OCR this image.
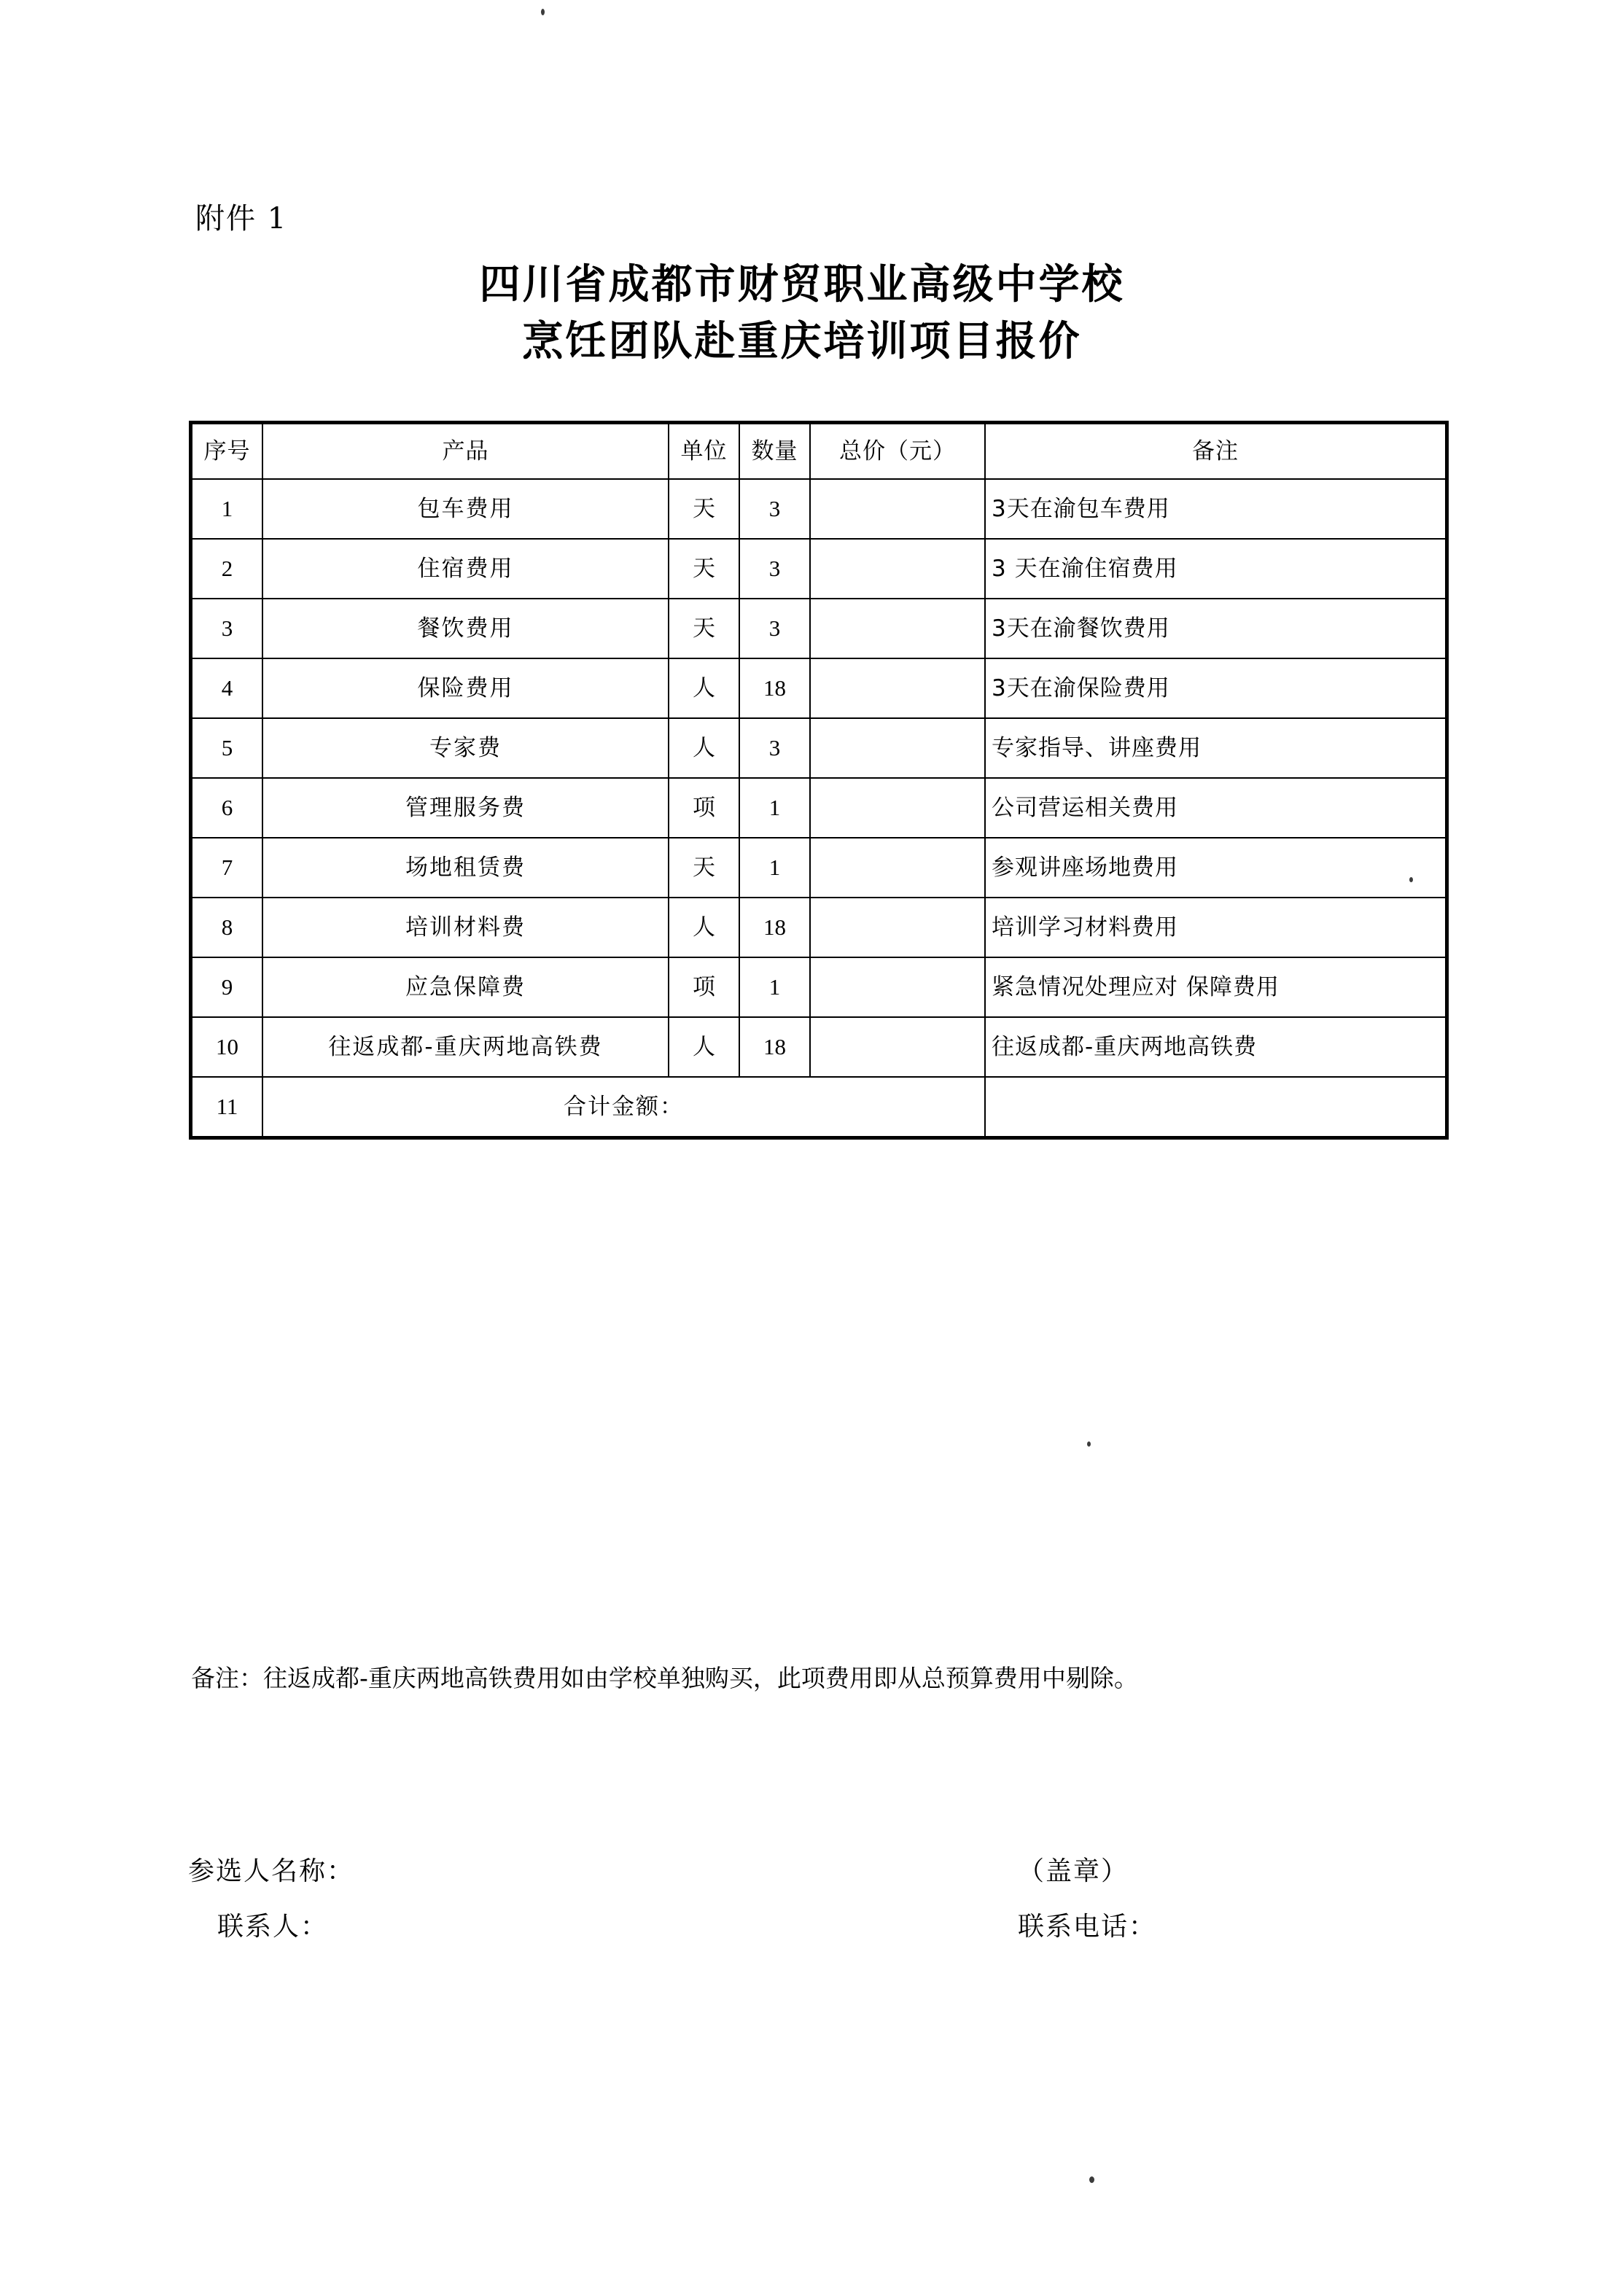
附件 1
四川省成都市财贸职业高级中学校
烹饪团队赴重庆培训项目报价
序号	产品	单位	数量	总价（元）	备注
1	包车费用	天	3		3天在渝包车费用
2	住宿费用	天	3		3 天在渝住宿费用
3	餐饮费用	天	3		3天在渝餐饮费用
4	保险费用	人	18		3天在渝保险费用
5	专家费	人	3		专家指导、讲座费用
6	管理服务费	项	1		公司营运相关费用
7	场地租赁费	天	1		参观讲座场地费用
8	培训材料费	人	18		培训学习材料费用
9	应急保障费	项	1		紧急情况处理应对 保障费用
10	往返成都-重庆两地高铁费	人	18		往返成都-重庆两地高铁费
11	合计金额：				
备注：往返成都-重庆两地高铁费用如由学校单独购买，此项费用即从总预算费用中剔除。
参选人名称：
联系人：
（盖章）
联系电话：
